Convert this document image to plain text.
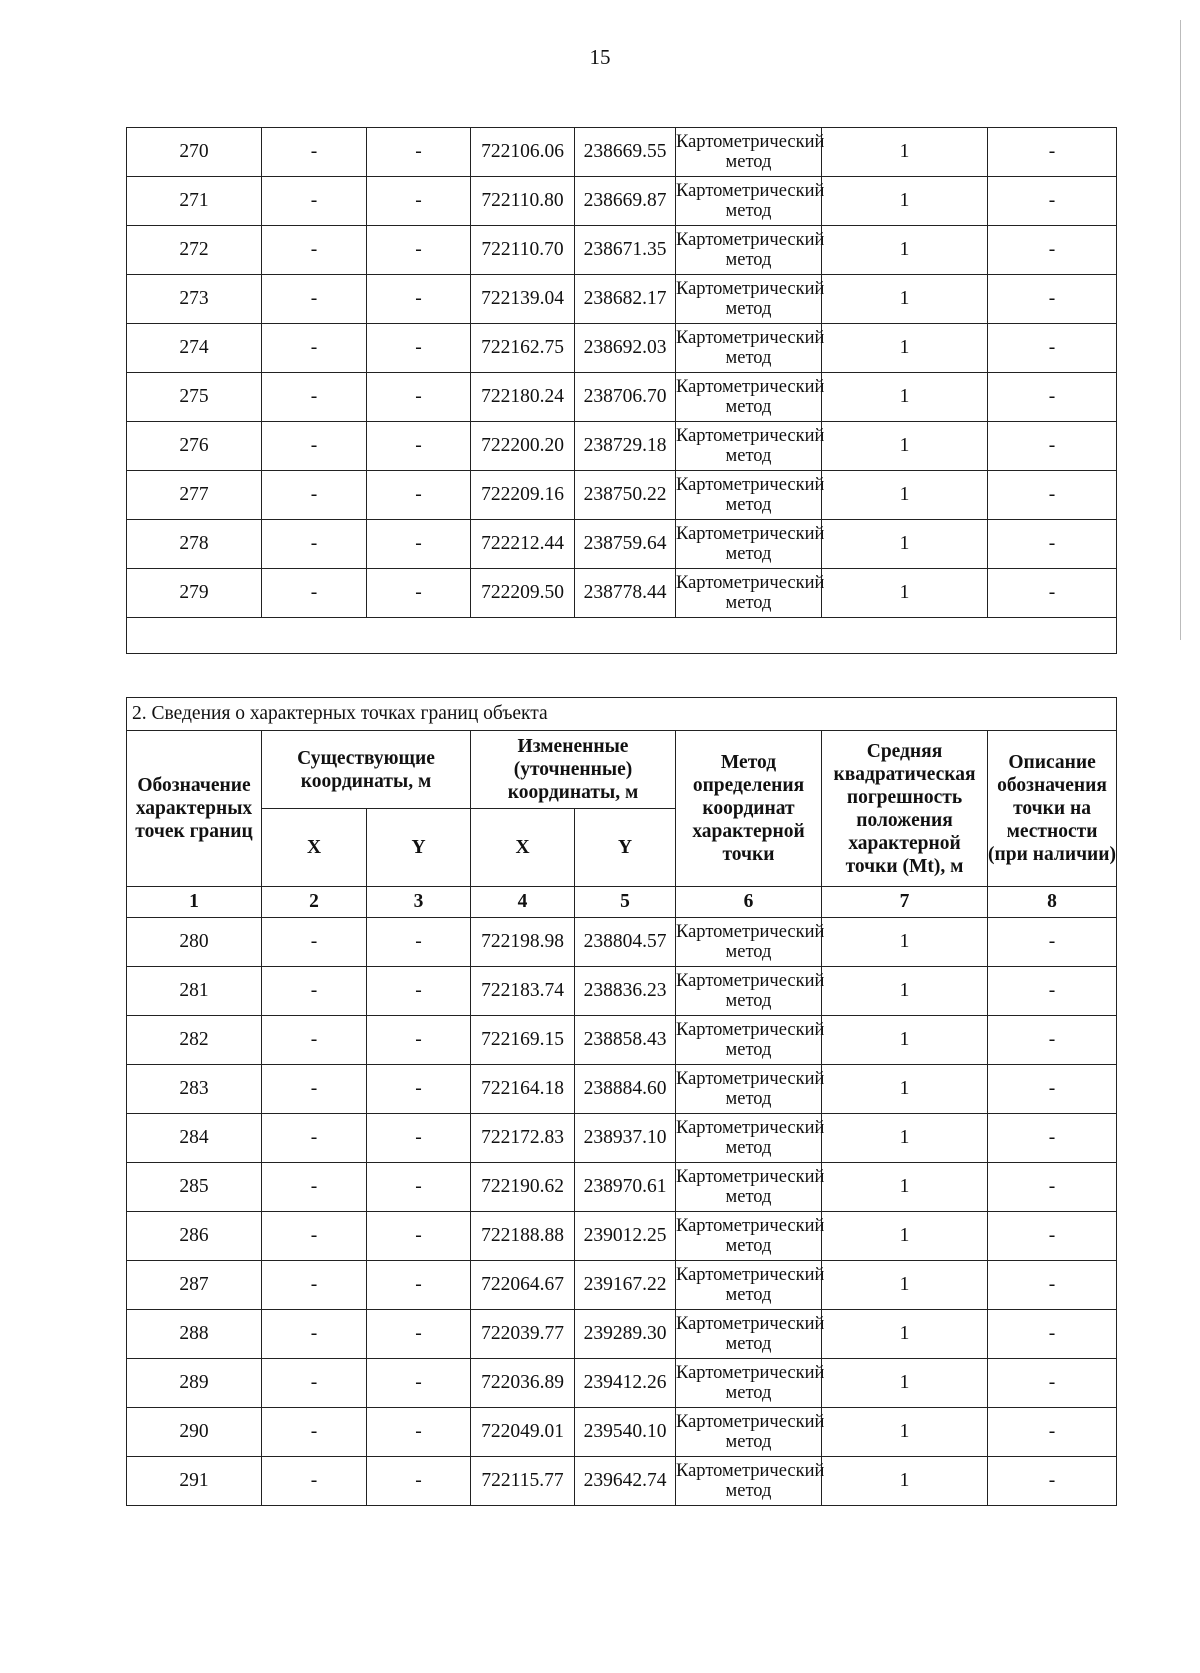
15
270	-	-	722106.06	238669.55	Картометрический метод	1	-
271	-	-	722110.80	238669.87	Картометрический метод	1	-
272	-	-	722110.70	238671.35	Картометрический метод	1	-
273	-	-	722139.04	238682.17	Картометрический метод	1	-
274	-	-	722162.75	238692.03	Картометрический метод	1	-
275	-	-	722180.24	238706.70	Картометрический метод	1	-
276	-	-	722200.20	238729.18	Картометрический метод	1	-
277	-	-	722209.16	238750.22	Картометрический метод	1	-
278	-	-	722212.44	238759.64	Картометрический метод	1	-
279	-	-	722209.50	238778.44	Картометрический метод	1	-

2. Сведения о характерных точках границ объекта							
Обозначение характерных точек границ	Существующие координаты, м		Измененные (уточненные) координаты, м		Метод определения координат характерной точки	Средняя квадратическая погрешность положения характерной точки (Mt), м	Описание обозначения точки на местности (при наличии)
	X	Y	X	Y			
1	2	3	4	5	6	7	8
280	-	-	722198.98	238804.57	Картометрический метод	1	-
281	-	-	722183.74	238836.23	Картометрический метод	1	-
282	-	-	722169.15	238858.43	Картометрический метод	1	-
283	-	-	722164.18	238884.60	Картометрический метод	1	-
284	-	-	722172.83	238937.10	Картометрический метод	1	-
285	-	-	722190.62	238970.61	Картометрический метод	1	-
286	-	-	722188.88	239012.25	Картометрический метод	1	-
287	-	-	722064.67	239167.22	Картометрический метод	1	-
288	-	-	722039.77	239289.30	Картометрический метод	1	-
289	-	-	722036.89	239412.26	Картометрический метод	1	-
290	-	-	722049.01	239540.10	Картометрический метод	1	-
291	-	-	722115.77	239642.74	Картометрический метод	1	-
